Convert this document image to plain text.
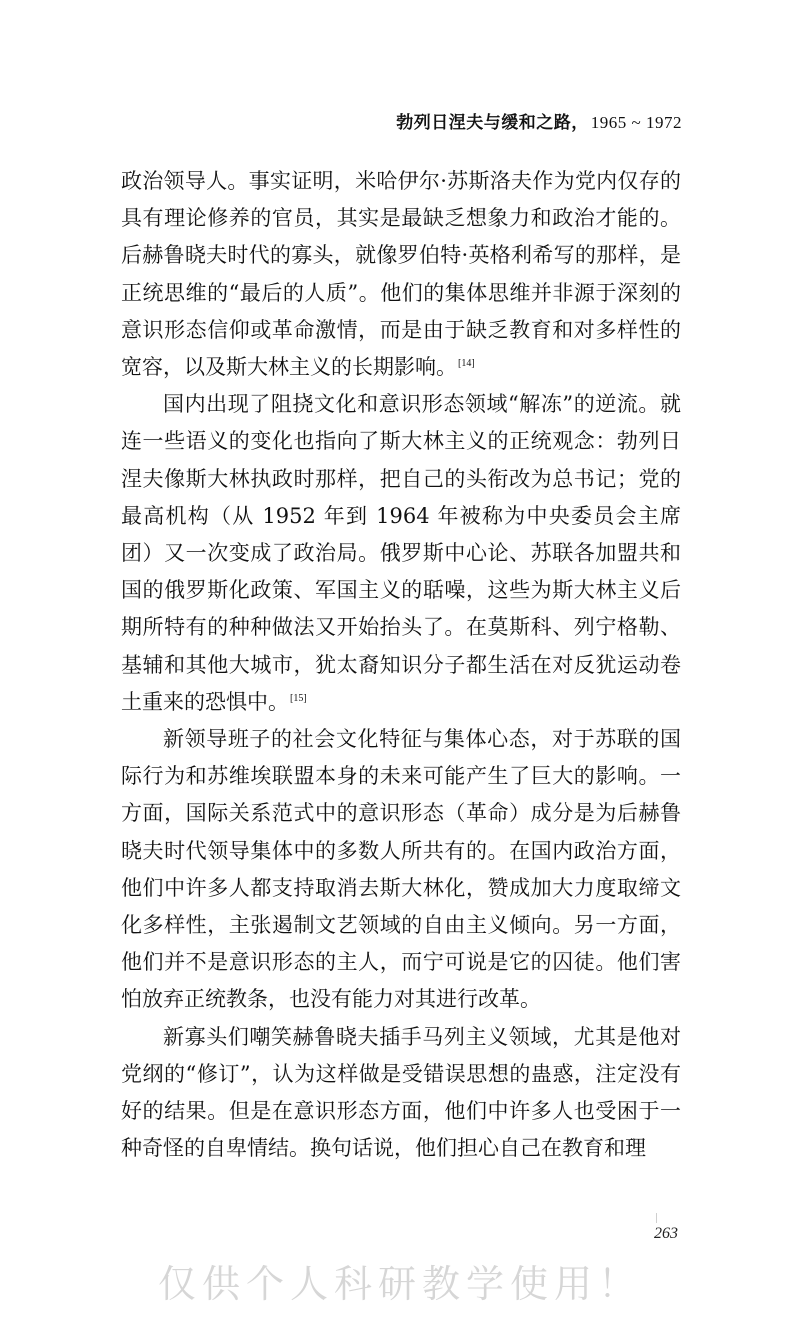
勃列日涅夫与缓和之路， 1965 ~ 1972

政治领导人。事实证明，米哈伊尔·苏斯洛夫作为党内仅存的具有理论修养的官员，其实是最缺乏想象力和政治才能的。后赫鲁晓夫时代的寡头，就像罗伯特·英格利希写的那样，是正统思维的“最后的人质”。他们的集体思维并非源于深刻的意识形态信仰或革命激情，而是由于缺乏教育和对多样性的宽容，以及斯大林主义的长期影响。[14]

国内出现了阻挠文化和意识形态领域“解冻”的逆流。就连一些语义的变化也指向了斯大林主义的正统观念：勃列日涅夫像斯大林执政时那样，把自己的头衔改为总书记；党的最高机构（从 1952 年到 1964 年被称为中央委员会主席团）又一次变成了政治局。俄罗斯中心论、苏联各加盟共和国的俄罗斯化政策、军国主义的聒噪，这些为斯大林主义后期所特有的种种做法又开始抬头了。在莫斯科、列宁格勒、基辅和其他大城市，犹太裔知识分子都生活在对反犹运动卷土重来的恐惧中。[15]

新领导班子的社会文化特征与集体心态，对于苏联的国际行为和苏维埃联盟本身的未来可能产生了巨大的影响。一方面，国际关系范式中的意识形态（革命）成分是为后赫鲁晓夫时代领导集体中的多数人所共有的。在国内政治方面，他们中许多人都支持取消去斯大林化，赞成加大力度取缔文化多样性，主张遏制文艺领域的自由主义倾向。另一方面，他们并不是意识形态的主人，而宁可说是它的囚徒。他们害怕放弃正统教条，也没有能力对其进行改革。

新寡头们嘲笑赫鲁晓夫插手马列主义领域，尤其是他对党纲的“修订”，认为这样做是受错误思想的蛊惑，注定没有好的结果。但是在意识形态方面，他们中许多人也受困于一种奇怪的自卑情结。换句话说，他们担心自己在教育和理

263
仅供个人科研教学使用！
